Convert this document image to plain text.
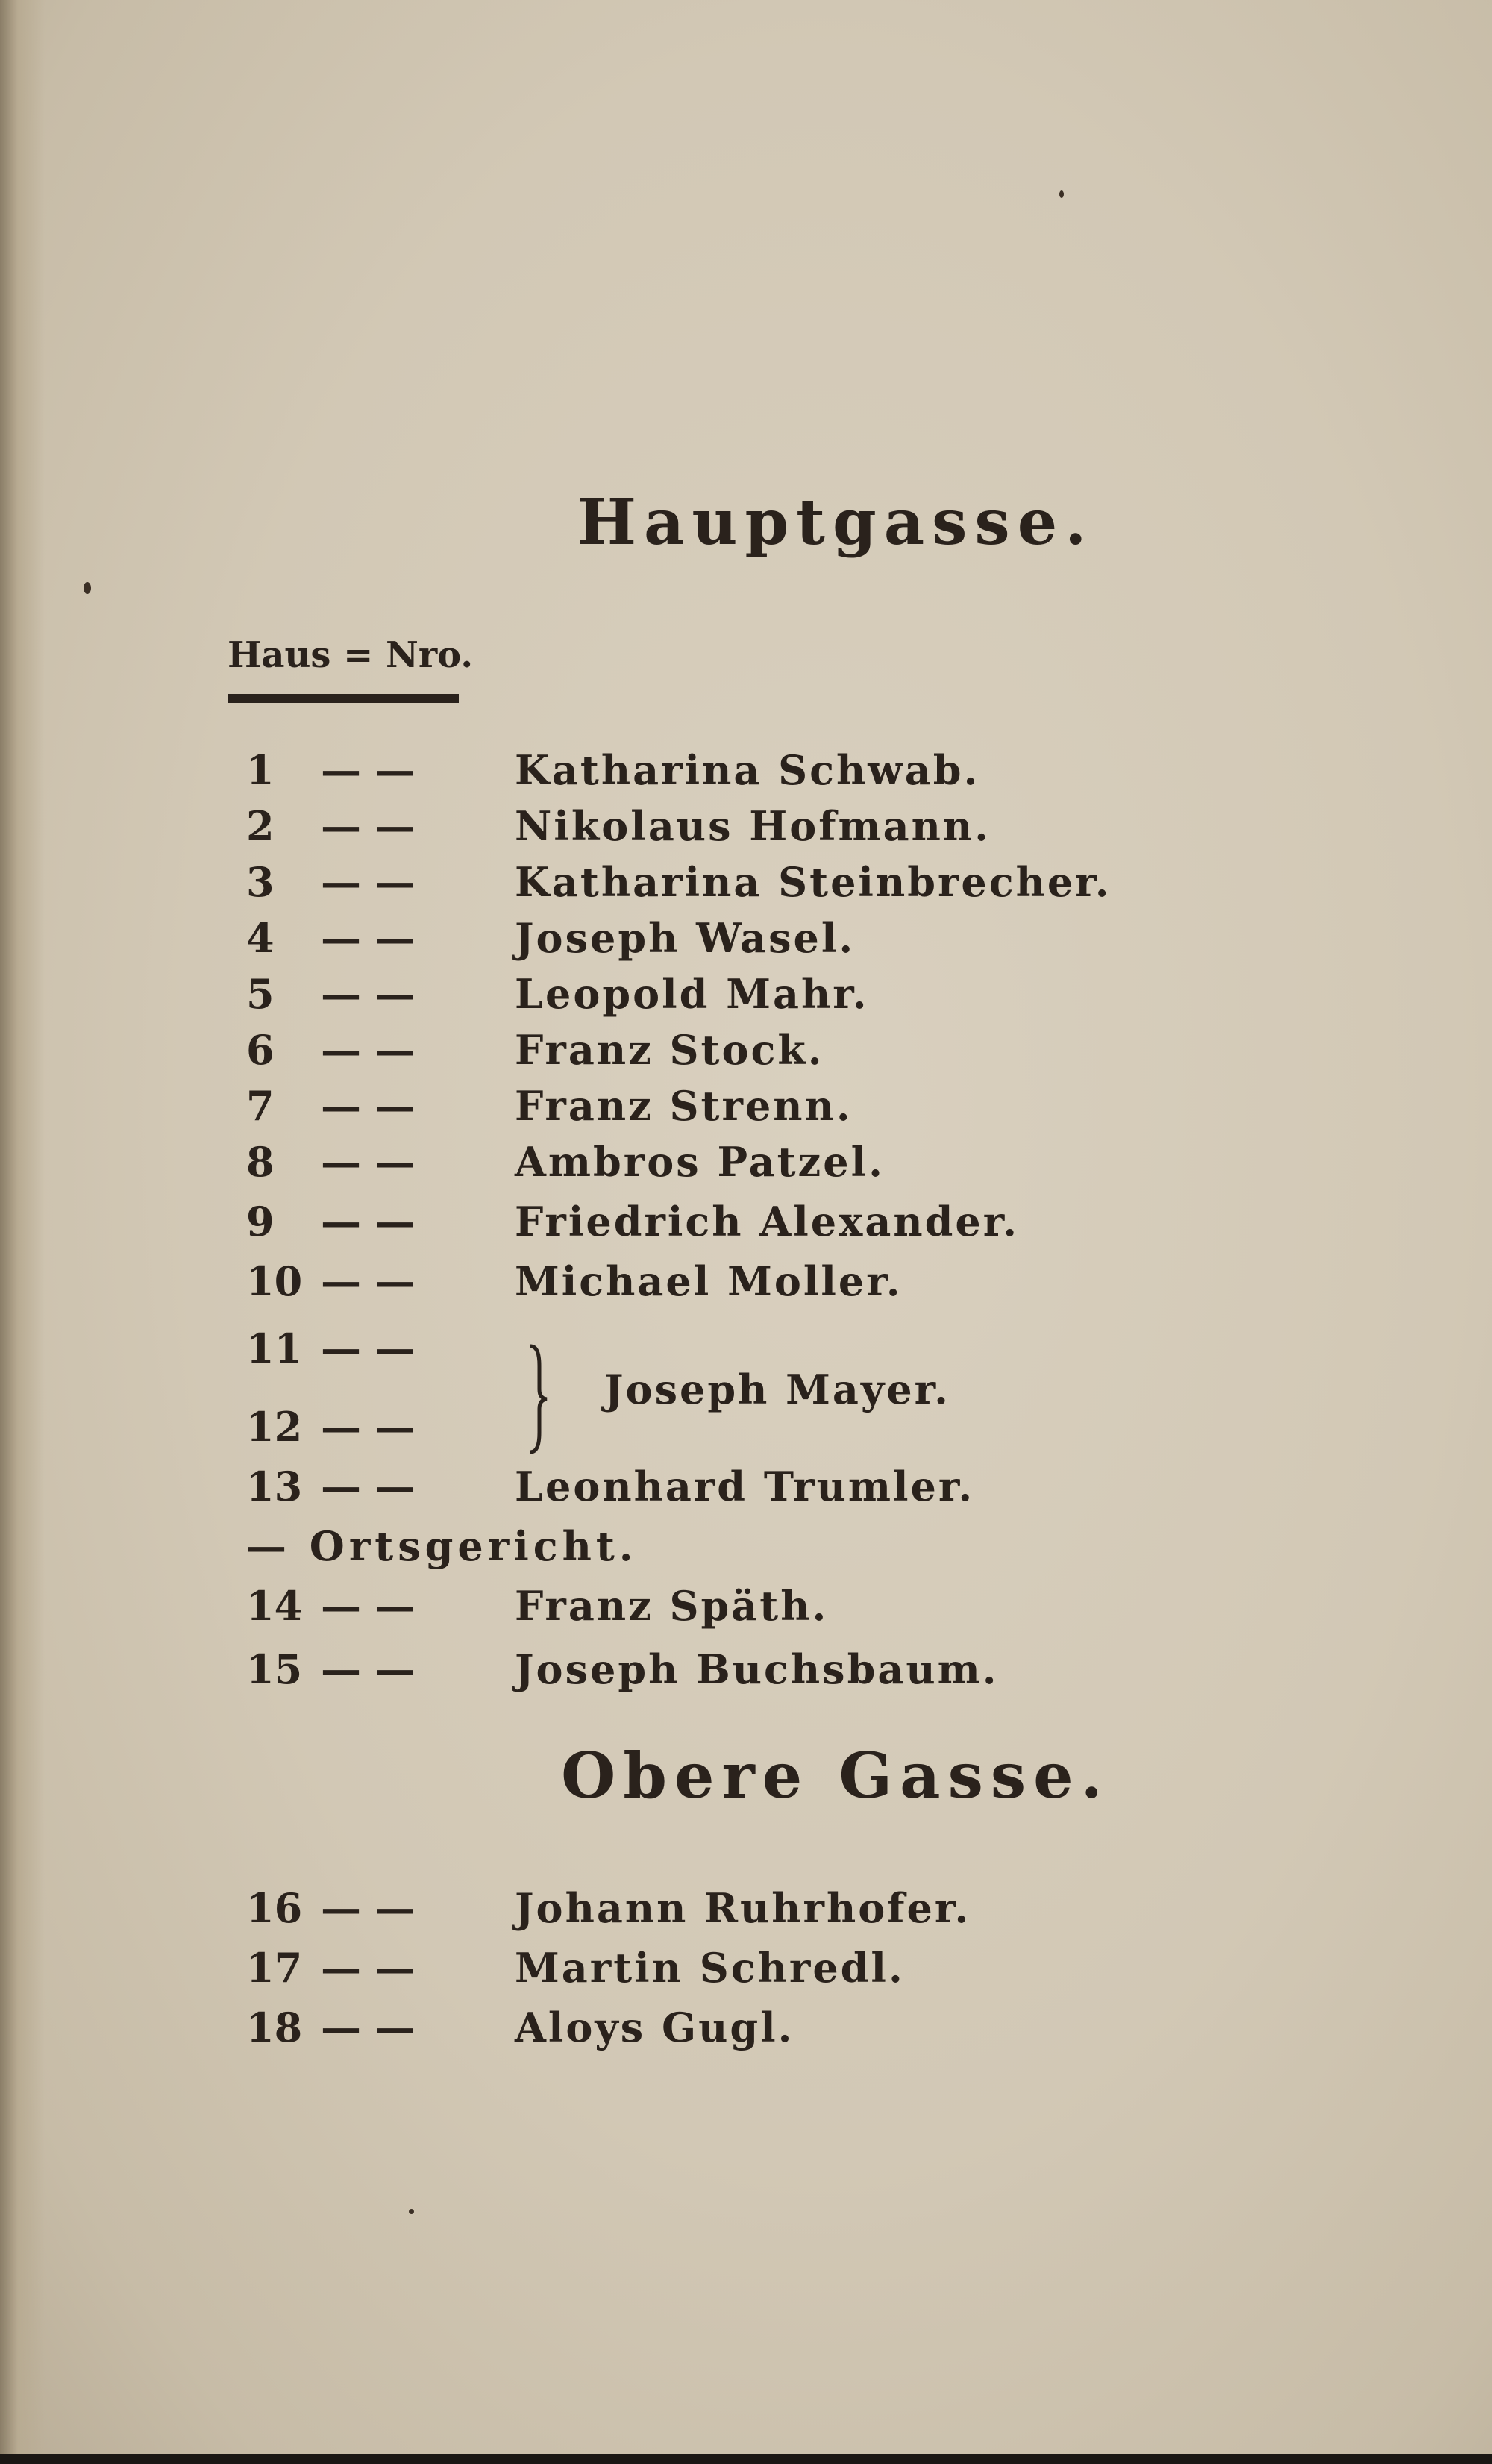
Hauptgasse.
Haus = Nro.
1	— — Katharina Schwab.
2	— — Nikolaus Hofmann.
3	— — Katharina Steinbrecher.
4	— — Joseph Wasel.
5	— — Leopold Mahr.
6	— — Franz Stock.
7	— — Franz Strenn.
8	— — Ambros Patzel.
9	— — Friedrich Alexander.
10 — — Michael Moller.
11 — —
12 — —
Joseph Mayer.
13 — — Leonhard Trumler.
— Ortsgericht.
14 — — Franz Späth.
15 — — Joseph Buchsbaum.
Obere Gasse.
16 — — Johann Ruhrhofer.
17 — — Martin Schredl.
18 — — Aloys Gugl.
